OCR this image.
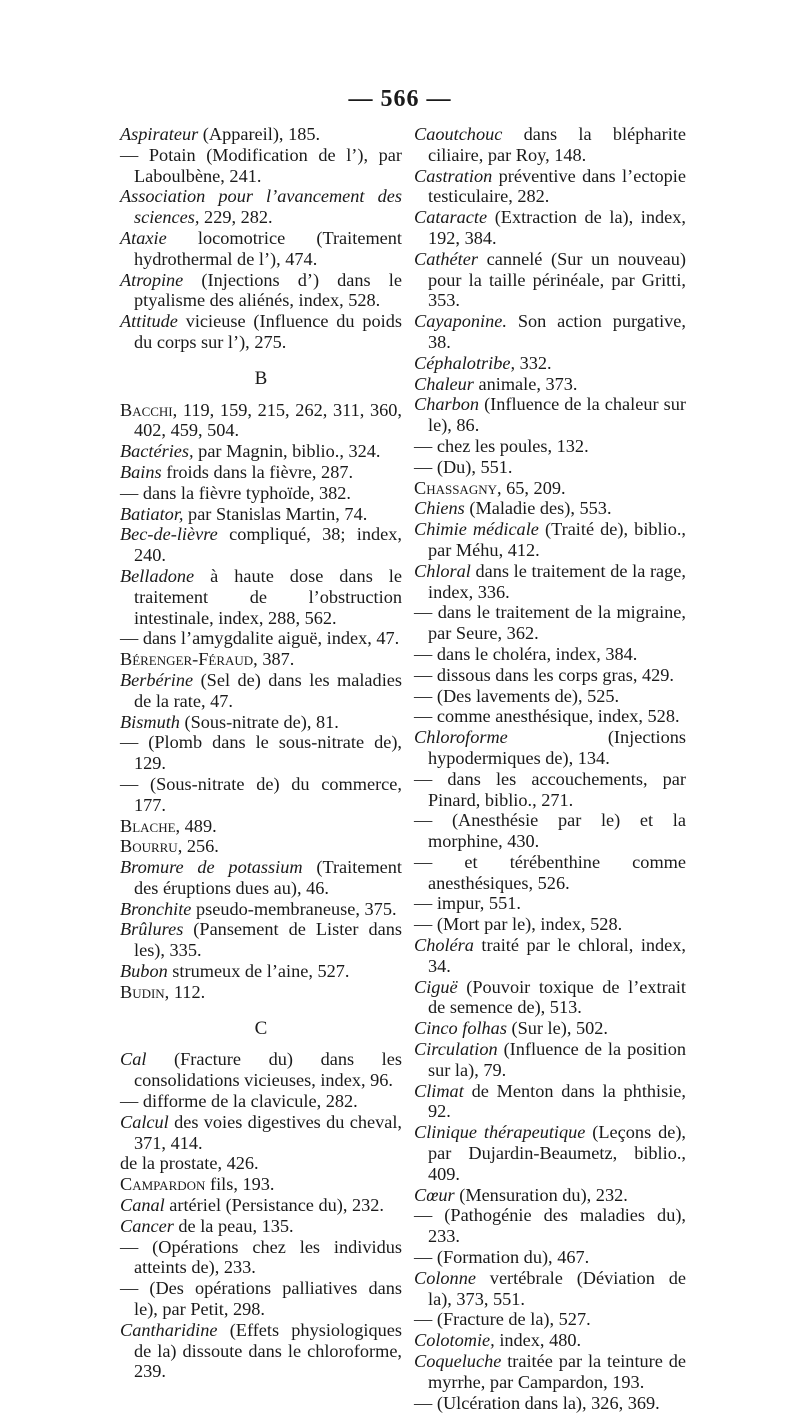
— 566 —

Aspirateur (Appareil), 185.

— Potain (Modification de l’), par Laboulbène, 241.

Association pour l’avancement des sciences, 229, 282.

Ataxie locomotrice (Traitement hydrothermal de l’), 474.

Atropine (Injections d’) dans le ptyalisme des aliénés, index, 528.

Attitude vicieuse (Influence du poids du corps sur l’), 275.

B

Bacchi, 119, 159, 215, 262, 311, 360, 402, 459, 504.

Bactéries, par Magnin, biblio., 324.

Bains froids dans la fièvre, 287.

— dans la fièvre typhoïde, 382.

Batiator, par Stanislas Martin, 74.

Bec-de-lièvre compliqué, 38; index, 240.

Belladone à haute dose dans le traitement de l’obstruction intestinale, index, 288, 562.

— dans l’amygdalite aiguë, index, 47.

Bérenger-Féraud, 387.

Berbérine (Sel de) dans les maladies de la rate, 47.

Bismuth (Sous-nitrate de), 81.

— (Plomb dans le sous-nitrate de), 129.

— (Sous-nitrate de) du commerce, 177.

Blache, 489.

Bourru, 256.

Bromure de potassium (Traitement des éruptions dues au), 46.

Bronchite pseudo-membraneuse, 375.

Brûlures (Pansement de Lister dans les), 335.

Bubon strumeux de l’aine, 527.

Budin, 112.

C

Cal (Fracture du) dans les consolidations vicieuses, index, 96.

— difforme de la clavicule, 282.

Calcul des voies digestives du cheval, 371, 414.

de la prostate, 426.

Campardon fils, 193.

Canal artériel (Persistance du), 232.

Cancer de la peau, 135.

— (Opérations chez les individus atteints de), 233.

— (Des opérations palliatives dans le), par Petit, 298.

Cantharidine (Effets physiologiques de la) dissoute dans le chloroforme, 239.

Caoutchouc dans la blépharite ciliaire, par Roy, 148.

Castration préventive dans l’ectopie testiculaire, 282.

Cataracte (Extraction de la), index, 192, 384.

Cathéter cannelé (Sur un nouveau) pour la taille périnéale, par Gritti, 353.

Cayaponine. Son action purgative, 38.

Céphalotribe, 332.

Chaleur animale, 373.

Charbon (Influence de la chaleur sur le), 86.

— chez les poules, 132.

— (Du), 551.

Chassagny, 65, 209.

Chiens (Maladie des), 553.

Chimie médicale (Traité de), biblio., par Méhu, 412.

Chloral dans le traitement de la rage, index, 336.

— dans le traitement de la migraine, par Seure, 362.

— dans le choléra, index, 384.

— dissous dans les corps gras, 429.

— (Des lavements de), 525.

— comme anesthésique, index, 528.

Chloroforme (Injections hypodermiques de), 134.

— dans les accouchements, par Pinard, biblio., 271.

— (Anesthésie par le) et la morphine, 430.

— et térébenthine comme anesthésiques, 526.

— impur, 551.

— (Mort par le), index, 528.

Choléra traité par le chloral, index, 34.

Ciguë (Pouvoir toxique de l’extrait de semence de), 513.

Cinco folhas (Sur le), 502.

Circulation (Influence de la position sur la), 79.

Climat de Menton dans la phthisie, 92.

Clinique thérapeutique (Leçons de), par Dujardin-Beaumetz, biblio., 409.

Cœur (Mensuration du), 232.

— (Pathogénie des maladies du), 233.

— (Formation du), 467.

Colonne vertébrale (Déviation de la), 373, 551.

— (Fracture de la), 527.

Colotomie, index, 480.

Coqueluche traitée par la teinture de myrrhe, par Campardon, 193.

— (Ulcération dans la), 326, 369.
